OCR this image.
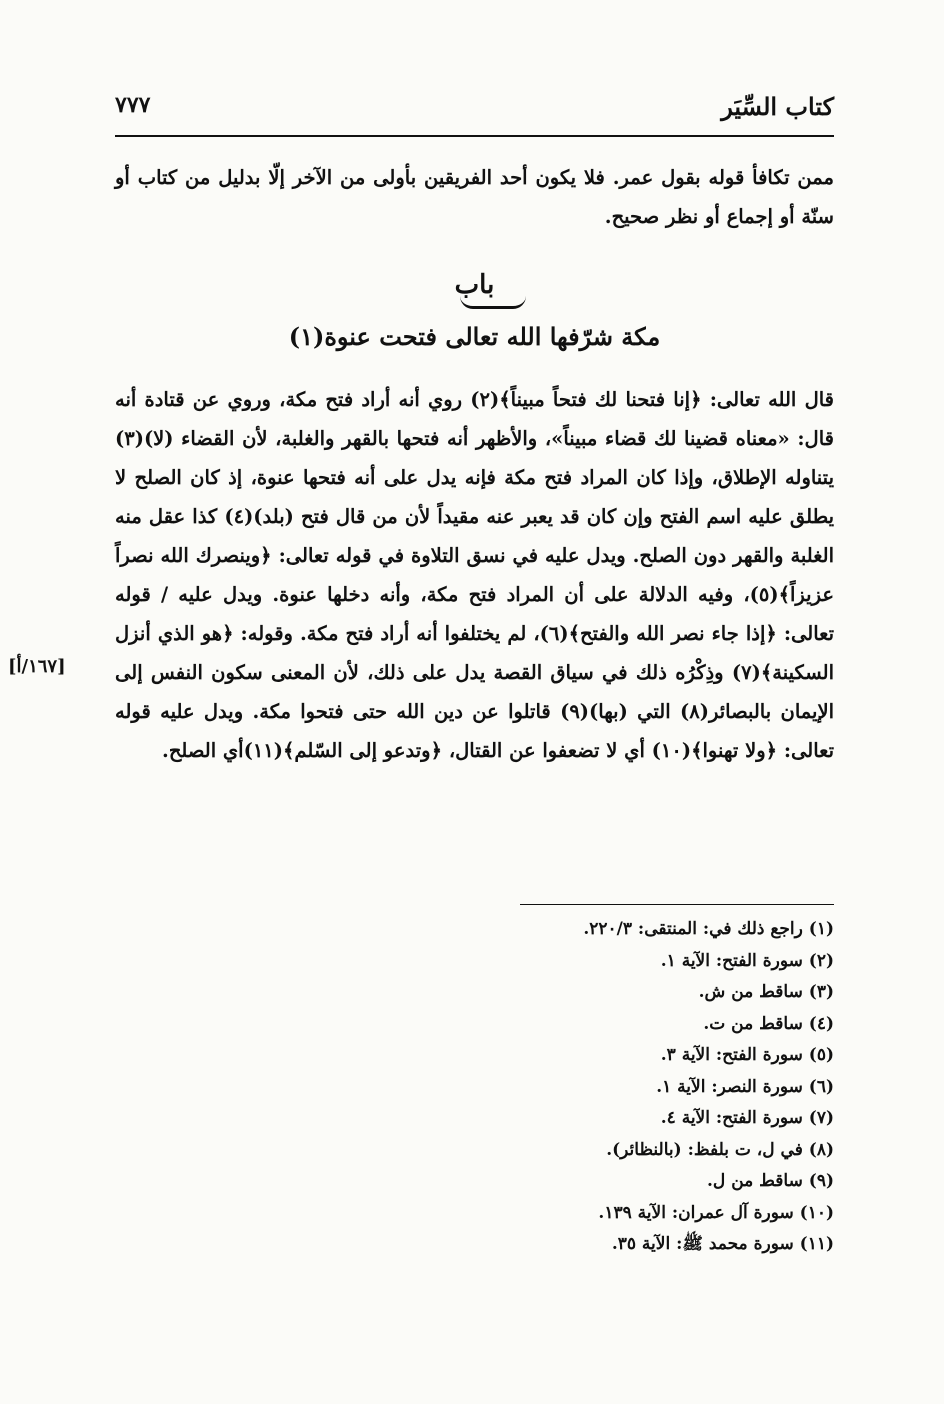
كتاب السِّيَر
٧٧٧
ممن تكافأ قوله بقول عمر. فلا يكون أحد الفريقين بأولى من الآخر إلّا بدليل من كتاب أو سنّة أو إجماع أو نظر صحيح.
باب
مكة شرّفها الله تعالى فتحت عنوة(١)
قال الله تعالى: ﴿إنا فتحنا لك فتحاً مبيناً﴾(٢) روي أنه أراد فتح مكة، وروي عن قتادة أنه قال: «معناه قضينا لك قضاء مبيناً»، والأظهر أنه فتحها بالقهر والغلبة، لأن القضاء (لا)(٣) يتناوله الإطلاق، وإذا كان المراد فتح مكة فإنه يدل على أنه فتحها عنوة، إذ كان الصلح لا يطلق عليه اسم الفتح وإن كان قد يعبر عنه مقيداً لأن من قال فتح (بلد)(٤) كذا عقل منه الغلبة والقهر دون الصلح. ويدل عليه في نسق التلاوة في قوله تعالى: ﴿وينصرك الله نصراً عزيزاً﴾(٥)، وفيه الدلالة على أن المراد فتح مكة، وأنه دخلها عنوة. ويدل عليه / قوله تعالى: ﴿إذا جاء نصر الله والفتح﴾(٦)، لم يختلفوا أنه أراد فتح مكة. وقوله: ﴿هو الذي أنزل السكينة﴾(٧) وذِكْرُه ذلك في سياق القصة يدل على ذلك، لأن المعنى سكون النفس إلى الإيمان بالبصائر(٨) التي (بها)(٩) قاتلوا عن دين الله حتى فتحوا مكة. ويدل عليه قوله تعالى: ﴿ولا تهنوا﴾(١٠) أي لا تضعفوا عن القتال، ﴿وتدعو إلى السّلم﴾(١١)أي الصلح.
[١٦٧/أ]
(١) راجع ذلك في: المنتقى: ٢٢٠/٣.
(٢) سورة الفتح: الآية ١.
(٣) ساقط من ش.
(٤) ساقط من ت.
(٥) سورة الفتح: الآية ٣.
(٦) سورة النصر: الآية ١.
(٧) سورة الفتح: الآية ٤.
(٨) في ل، ت بلفظ: (بالنظائر).
(٩) ساقط من ل.
(١٠) سورة آل عمران: الآية ١٣٩.
(١١) سورة محمد ﷺ: الآية ٣٥.
